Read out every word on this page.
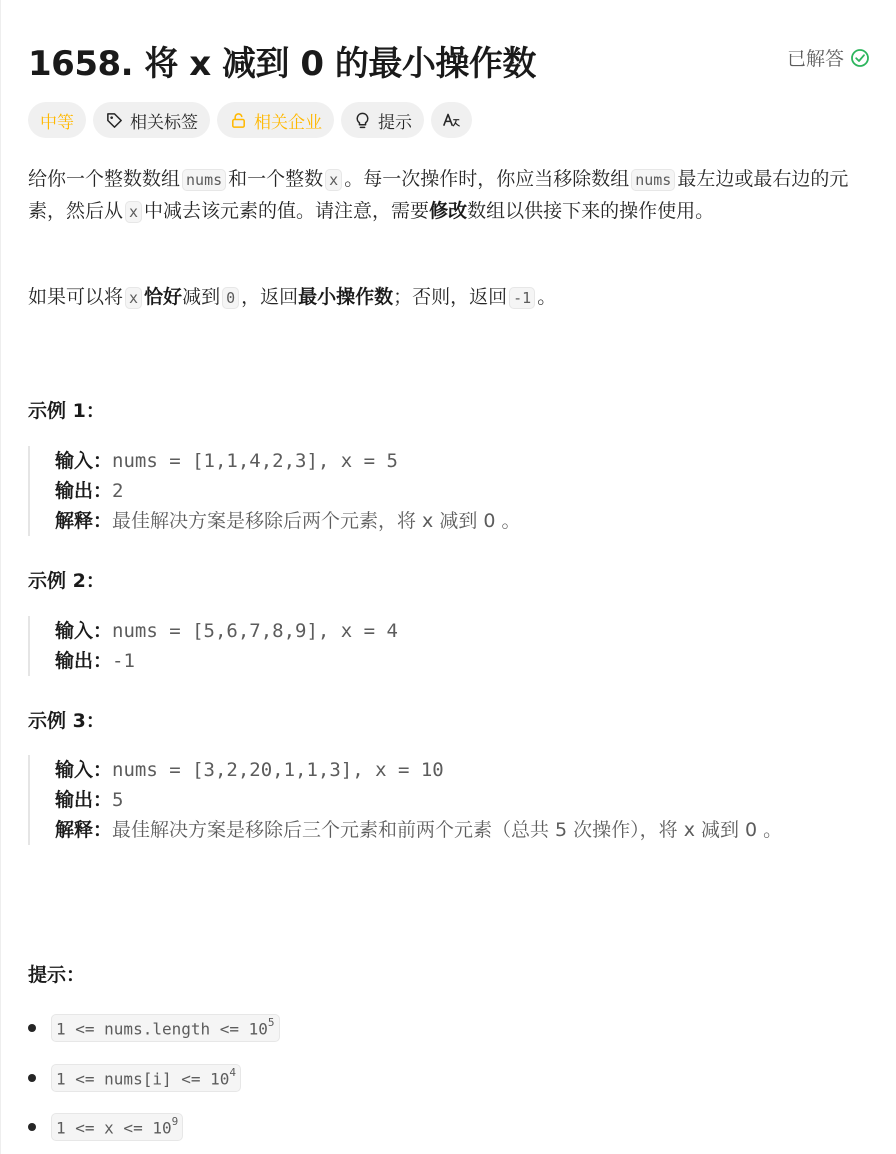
1658. 将 x 减到 0 的最小操作数	已解答
中等	相关标签	相关企业	提示
给你一个整数数组 nums 和一个整数 x 。每一次操作时，你应当移除数组 nums 最左边或最右边的元素，然后从 x 中减去该元素的值。请注意，需要修改数组以供接下来的操作使用。
如果可以将 x 恰好减到 0 ，返回最小操作数；否则，返回 -1 。
示例 1：
输入：nums = [1,1,4,2,3], x = 5
输出：2
解释：最佳解决方案是移除后两个元素，将 x 减到 0 。
示例 2：
输入：nums = [5,6,7,8,9], x = 4
输出：-1
示例 3：
输入：nums = [3,2,20,1,1,3], x = 10
输出：5
解释：最佳解决方案是移除后三个元素和前两个元素（总共 5 次操作），将 x 减到 0 。
提示：
1 <= nums.length <= $10^5$
1 <= nums[i] <= $10^4$
$1 <= x <= 10^9$
